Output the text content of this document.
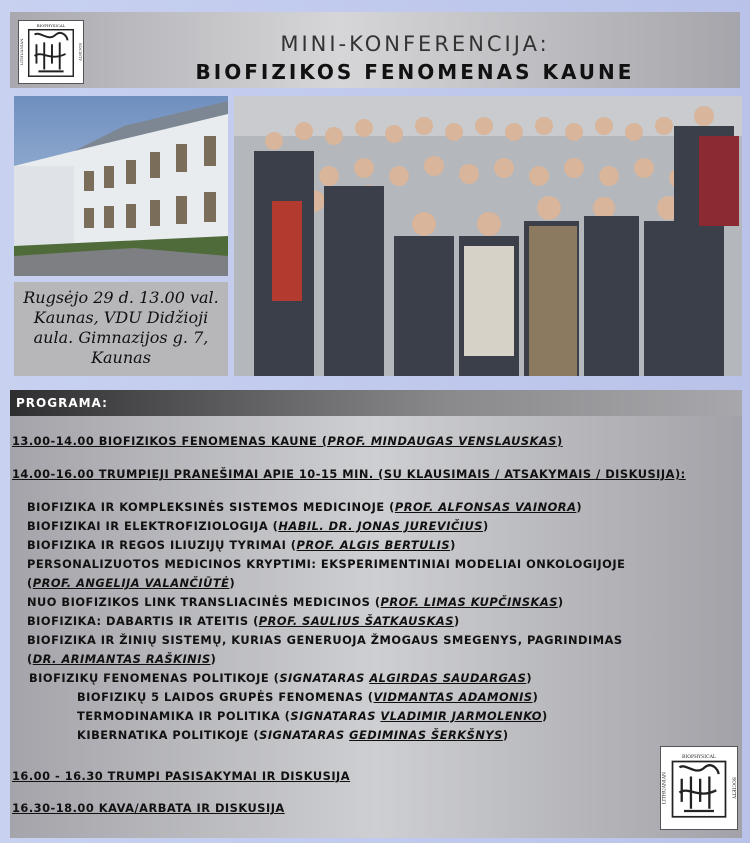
BIOPHYSICAL
LITHUANIAN	SOCIETY	MINI-KONFERENCIJA:
BIOFIZIKOS FENOMENAS KAUNE
Rugsėjo 29 d. 13.00 val.
Kaunas, VDU Didžioji
aula. Gimnazijos g. 7,
Kaunas
PROGRAMA:
13.00-14.00 BIOFIZIKOS FENOMENAS KAUNE (PROF. MINDAUGAS VENSLAUSKAS)
14.00-16.00 TRUMPIEJI PRANEŠIMAI APIE 10-15 MIN. (SU KLAUSIMAIS / ATSAKYMAIS / DISKUSIJA):
BIOFIZIKA IR KOMPLEKSINĖS SISTEMOS MEDICINOJE (PROF. ALFONSAS VAINORA)
BIOFIZIKAI IR ELEKTROFIZIOLOGIJA (HABIL. DR. JONAS JUREVIČIUS)
BIOFIZIKA IR REGOS ILIUZIJŲ TYRIMAI (PROF. ALGIS BERTULIS)
PERSONALIZUOTOS MEDICINOS KRYPTIMI: EKSPERIMENTINIAI MODELIAI ONKOLOGIJOJE
(PROF. ANGELIJA VALANČIŪTĖ)
NUO BIOFIZIKOS LINK TRANSLIACINĖS MEDICINOS (PROF. LIMAS KUPČINSKAS)
BIOFIZIKA: DABARTIS IR ATEITIS (PROF. SAULIUS ŠATKAUSKAS)
BIOFIZIKA IR ŽINIŲ SISTEMŲ, KURIAS GENERUOJA ŽMOGAUS SMEGENYS, PAGRINDIMAS
(DR. ARIMANTAS RAŠKINIS)
BIOFIZIKŲ FENOMENAS POLITIKOJE (SIGNATARAS ALGIRDAS SAUDARGAS)
BIOFIZIKŲ 5 LAIDOS GRUPĖS FENOMENAS (VIDMANTAS ADAMONIS)
TERMODINAMIKA IR POLITIKA (SIGNATARAS VLADIMIR JARMOLENKO)
KIBERNATIKA POLITIKOJE (SIGNATARAS GEDIMINAS ŠERKŠNYS)
16.00 - 16.30 TRUMPI PASISAKYMAI IR DISKUSIJA
16.30-18.00 KAVA/ARBATA IR DISKUSIJA
BIOPHYSICAL
LITHUANIAN	SOCIETY
